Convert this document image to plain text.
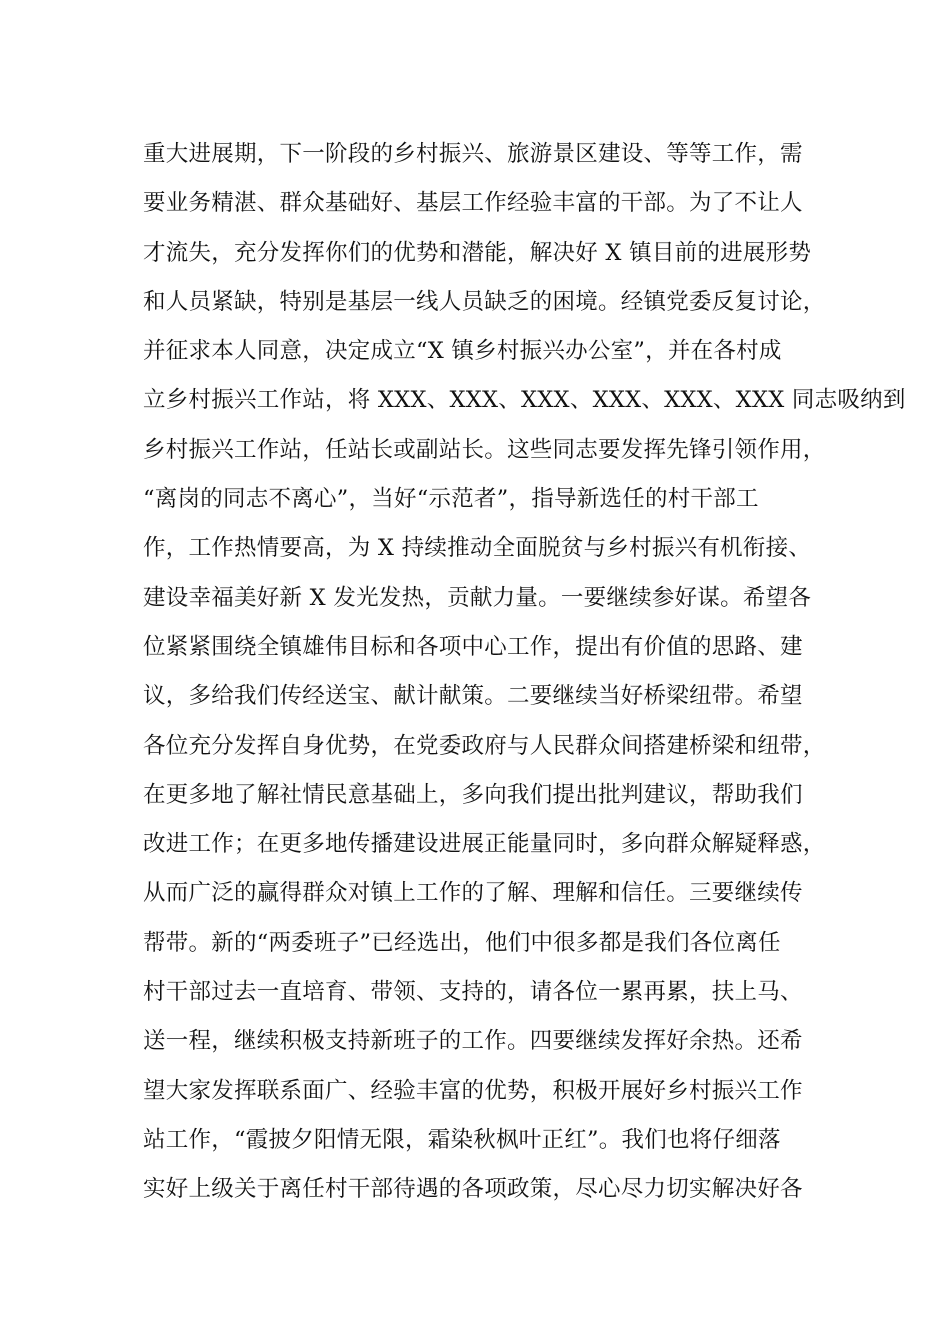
重大进展期，下一阶段的乡村振兴、旅游景区建设、等等工作，需
要业务精湛、群众基础好、基层工作经验丰富的干部。为了不让人
才流失，充分发挥你们的优势和潜能，解决好 X 镇目前的进展形势
和人员紧缺，特别是基层一线人员缺乏的困境。经镇党委反复讨论，
并征求本人同意，决定成立“X 镇乡村振兴办公室”，并在各村成
立乡村振兴工作站，将 XXX、XXX、XXX、XXX、XXX、XXX 同志吸纳到
乡村振兴工作站，任站长或副站长。这些同志要发挥先锋引领作用，
“离岗的同志不离心”，当好“示范者”，指导新选任的村干部工
作，工作热情要高，为 X 持续推动全面脱贫与乡村振兴有机衔接、
建设幸福美好新 X 发光发热，贡献力量。一要继续参好谋。希望各
位紧紧围绕全镇雄伟目标和各项中心工作，提出有价值的思路、建
议，多给我们传经送宝、献计献策。二要继续当好桥梁纽带。希望
各位充分发挥自身优势，在党委政府与人民群众间搭建桥梁和纽带，
在更多地了解社情民意基础上，多向我们提出批判建议，帮助我们
改进工作；在更多地传播建设进展正能量同时，多向群众解疑释惑，
从而广泛的赢得群众对镇上工作的了解、理解和信任。三要继续传
帮带。新的“两委班子”已经选出，他们中很多都是我们各位离任
村干部过去一直培育、带领、支持的，请各位一累再累，扶上马、
送一程，继续积极支持新班子的工作。四要继续发挥好余热。还希
望大家发挥联系面广、经验丰富的优势，积极开展好乡村振兴工作
站工作，“霞披夕阳情无限，霜染秋枫叶正红”。我们也将仔细落
实好上级关于离任村干部待遇的各项政策，尽心尽力切实解决好各
